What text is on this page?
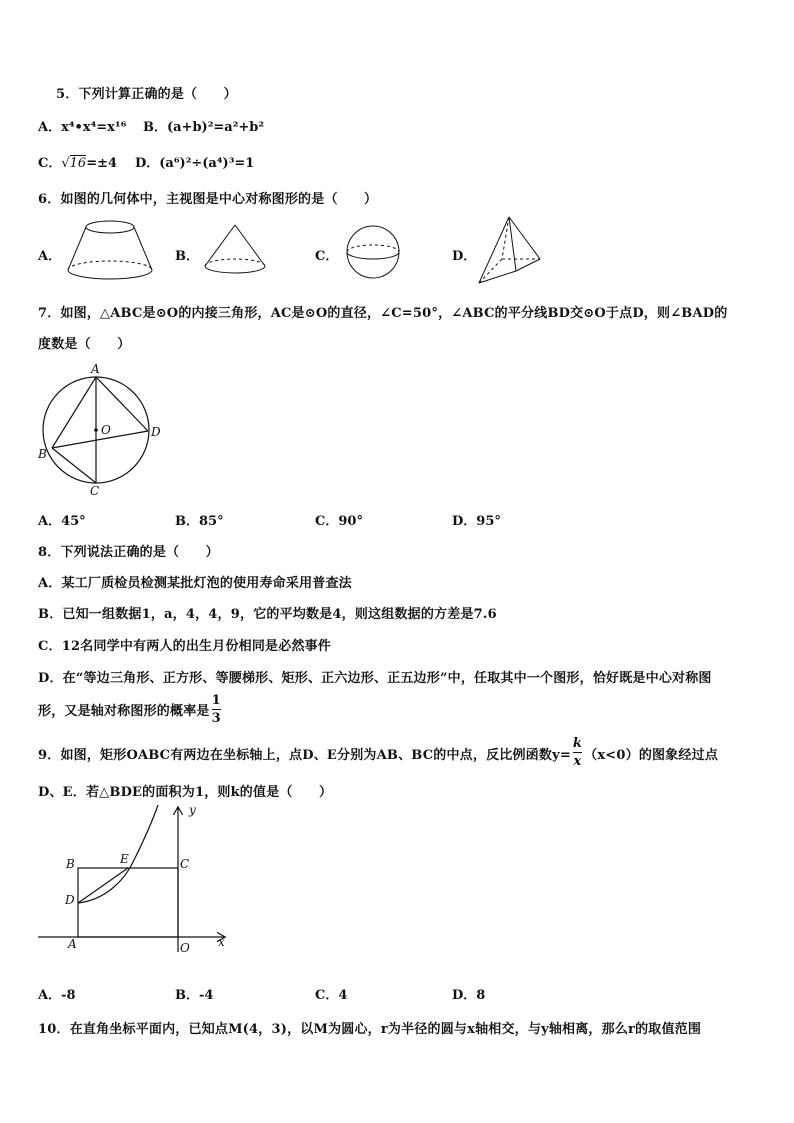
5．下列计算正确的是（　　）
A．x⁴•x⁴=x¹⁶ B．(a+b)²=a²+b²
C．√16=±4 D．(a⁶)²÷(a⁴)³=1
6．如图的几何体中，主视图是中心对称图形的是（　　）
A．	B．	C．	D．
7．如图，△ABC是⊙O的内接三角形，AC是⊙O的直径，∠C=50°，∠ABC的平分线BD交⊙O于点D，则∠BAD的
度数是（　　）
A
B
C
D
O
A．45°	B．85°	C．90°	D．95°
8．下列说法正确的是（　　）
A．某工厂质检员检测某批灯泡的使用寿命采用普查法
B．已知一组数据1，a，4，4，9，它的平均数是4，则这组数据的方差是7.6
C．12名同学中有两人的出生月份相同是必然事件
D．在“等边三角形、正方形、等腰梯形、矩形、正六边形、正五边形”中，任取其中一个图形，恰好既是中心对称图
形，又是轴对称图形的概率是 $\frac{1}{3}$
9．如图，矩形OABC有两边在坐标轴上，点D、E分别为AB、BC的中点，反比例函数$y= \frac{k}{x} (x<0)$的图象经过点
D、E．若△BDE的面积为1，则k的值是（　　）
y
x
B	E	C
D
A	O
A．-8	B．-4	C．4	D．8
10．在直角坐标平面内，已知点M(4，3)，以M为圆心，r为半径的圆与x轴相交，与y轴相离，那么r的取值范围
